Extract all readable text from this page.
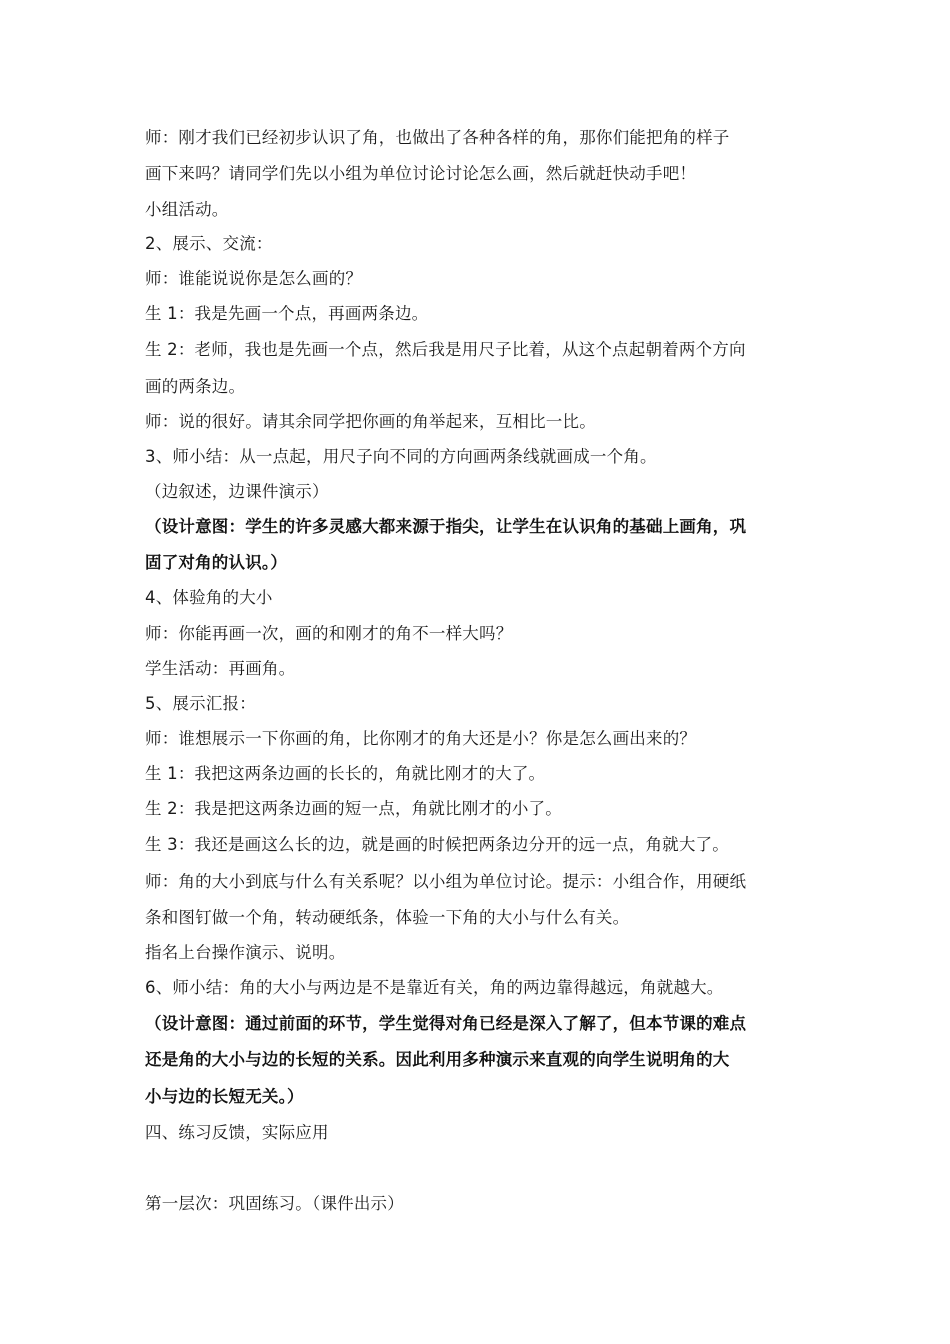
师：刚才我们已经初步认识了角，也做出了各种各样的角，那你们能把角的样子
画下来吗？请同学们先以小组为单位讨论讨论怎么画，然后就赶快动手吧！
小组活动。
2、展示、交流：
师：谁能说说你是怎么画的？
生 1：我是先画一个点，再画两条边。
生 2：老师，我也是先画一个点，然后我是用尺子比着，从这个点起朝着两个方向
画的两条边。
师：说的很好。请其余同学把你画的角举起来，互相比一比。
3、师小结：从一点起，用尺子向不同的方向画两条线就画成一个角。
（边叙述，边课件演示）
（设计意图：学生的许多灵感大都来源于指尖，让学生在认识角的基础上画角，巩
固了对角的认识。）
4、体验角的大小
师：你能再画一次，画的和刚才的角不一样大吗？
学生活动：再画角。
5、展示汇报：
师：谁想展示一下你画的角，比你刚才的角大还是小？你是怎么画出来的？
生 1：我把这两条边画的长长的，角就比刚才的大了。
生 2：我是把这两条边画的短一点，角就比刚才的小了。
生 3：我还是画这么长的边，就是画的时候把两条边分开的远一点，角就大了。
师：角的大小到底与什么有关系呢？以小组为单位讨论。提示：小组合作，用硬纸
条和图钉做一个角，转动硬纸条，体验一下角的大小与什么有关。
指名上台操作演示、说明。
6、师小结：角的大小与两边是不是靠近有关，角的两边靠得越远，角就越大。
（设计意图：通过前面的环节，学生觉得对角已经是深入了解了，但本节课的难点
还是角的大小与边的长短的关系。因此利用多种演示来直观的向学生说明角的大
小与边的长短无关。）
四、练习反馈，实际应用
第一层次：巩固练习。（课件出示）
